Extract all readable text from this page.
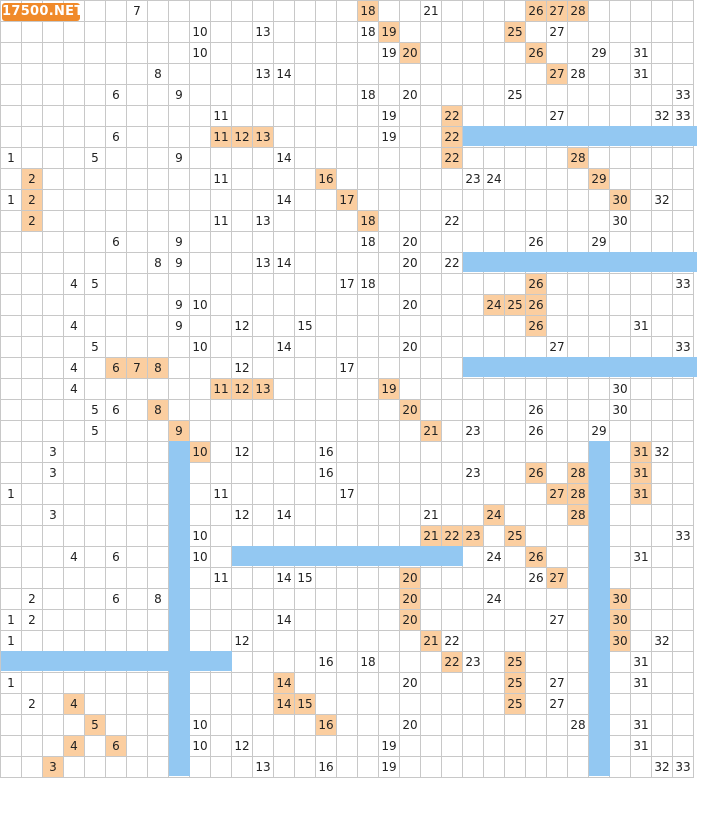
7	18	21	26 27 28
10	13	18 19	25 27
10	19 20	26	29 31
8	13 14	27 28	31
6	9	18 20	25	33
11	19	22	27	32 33
6	11 12 13	19	22
1	5	9	14	22	28
2	11	16	23 24	29
1	2	14	17	30 32
2	11 13	18	22	30
6	9	18 20	26	29
8	9	13 14	20 22
4	5	17 18	26	33
9 10	20	24 25 26
4	9	12	15	26	31
5	10	14	20	27	33
4	6	7	8	12	17
4	11 12 13	19	30
5	6	8	20	26	30
5	9	21 23	26	29
3	10 12	16	31 32
3	16	23	26 28	31
1	11	17	27 28	31
3	12 14	21	24	28
10	21 22 23 25	33
4	6	10	24 26	31
11	14 15	20	26 27
2	6	8	20	24	30
1	2	14	20	27	30
1	12	21 22	30 32
16 18	22 23 25	31
1	14	20	25 27	31
2	4	14 15	25 27
5	10	16	20	28	31
4	6	10 12	19	31
3	13	16	19	32 33
17500.NET
